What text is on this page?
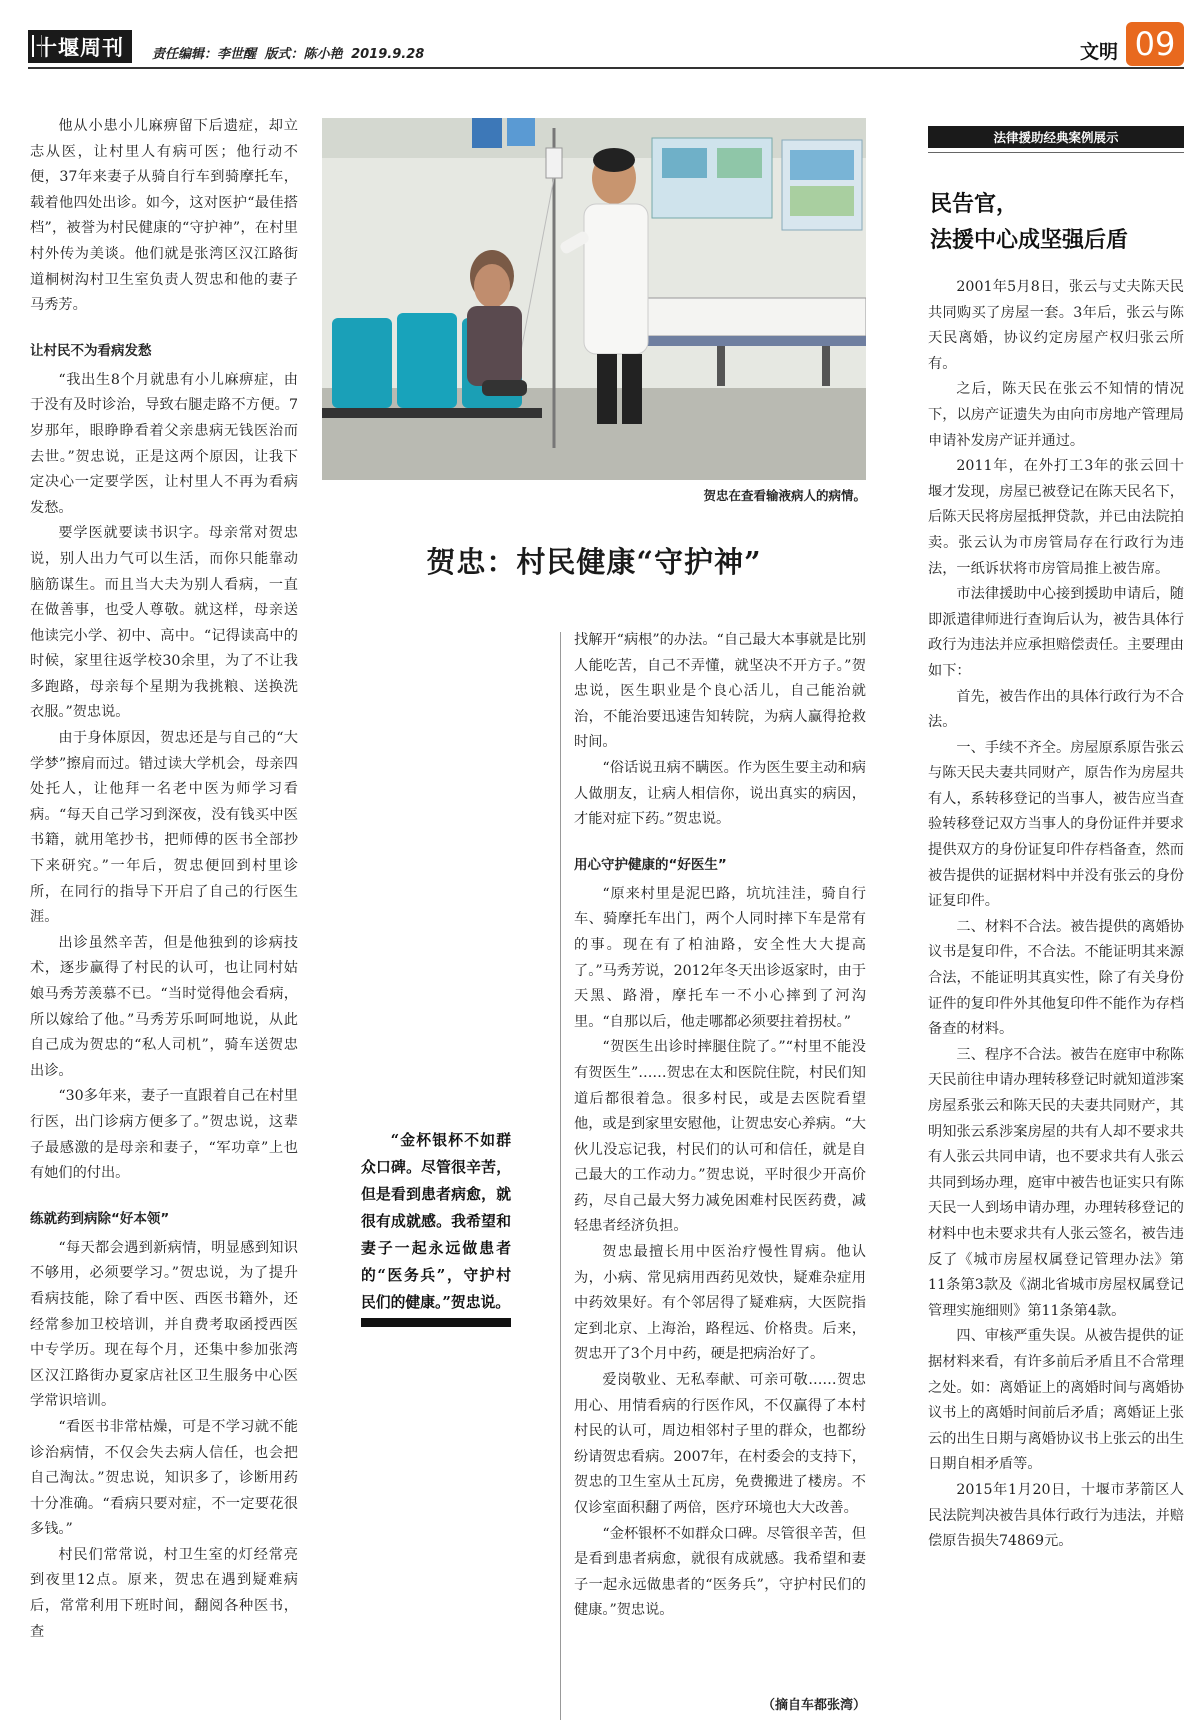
十堰周刊	责任编辑：李世醒 版式：陈小艳 2019.9.28	文明 09

他从小患小儿麻痹留下后遗症，却立志从医，让村里人有病可医；他行动不便，37年来妻子从骑自行车到骑摩托车，载着他四处出诊。如今，这对医护“最佳搭档”，被誉为村民健康的“守护神”，在村里村外传为美谈。他们就是张湾区汉江路街道桐树沟村卫生室负责人贺忠和他的妻子马秀芳。

让村民不为看病发愁

“我出生8个月就患有小儿麻痹症，由于没有及时诊治，导致右腿走路不方便。7岁那年，眼睁睁看着父亲患病无钱医治而去世。”贺忠说，正是这两个原因，让我下定决心一定要学医，让村里人不再为看病发愁。

要学医就要读书识字。母亲常对贺忠说，别人出力气可以生活，而你只能靠动脑筋谋生。而且当大夫为别人看病，一直在做善事，也受人尊敬。就这样，母亲送他读完小学、初中、高中。“记得读高中的时候，家里往返学校30余里，为了不让我多跑路，母亲每个星期为我挑粮、送换洗衣服。”贺忠说。

由于身体原因，贺忠还是与自己的“大学梦”擦肩而过。错过读大学机会，母亲四处托人，让他拜一名老中医为师学习看病。“每天自己学习到深夜，没有钱买中医书籍，就用笔抄书，把师傅的医书全部抄下来研究。”一年后，贺忠便回到村里诊所，在同行的指导下开启了自己的行医生涯。

出诊虽然辛苦，但是他独到的诊病技术，逐步赢得了村民的认可，也让同村姑娘马秀芳羡慕不已。“当时觉得他会看病，所以嫁给了他。”马秀芳乐呵呵地说，从此自己成为贺忠的“私人司机”，骑车送贺忠出诊。

“30多年来，妻子一直跟着自己在村里行医，出门诊病方便多了。”贺忠说，这辈子最感激的是母亲和妻子，“军功章”上也有她们的付出。

练就药到病除“好本领”

“每天都会遇到新病情，明显感到知识不够用，必须要学习。”贺忠说，为了提升看病技能，除了看中医、西医书籍外，还经常参加卫校培训，并自费考取函授西医中专学历。现在每个月，还集中参加张湾区汉江路街办夏家店社区卫生服务中心医学常识培训。

“看医书非常枯燥，可是不学习就不能诊治病情，不仅会失去病人信任，也会把自己淘汰。”贺忠说，知识多了，诊断用药十分准确。“看病只要对症，不一定要花很多钱。”

村民们常常说，村卫生室的灯经常亮到夜里12点。原来，贺忠在遇到疑难病后，常常利用下班时间，翻阅各种医书，查

贺忠在查看输液病人的病情。
贺忠：村民健康“守护神”
“金杯银杯不如群众口碑。尽管很辛苦，但是看到患者病愈，就很有成就感。我希望和妻子一起永远做患者的“医务兵”，守护村民们的健康。”贺忠说。

找解开“病根”的办法。“自己最大本事就是比别人能吃苦，自己不弄懂，就坚决不开方子。”贺忠说，医生职业是个良心活儿，自己能治就治，不能治要迅速告知转院，为病人赢得抢救时间。

“俗话说丑病不瞒医。作为医生要主动和病人做朋友，让病人相信你，说出真实的病因，才能对症下药。”贺忠说。

用心守护健康的“好医生”

“原来村里是泥巴路，坑坑洼洼，骑自行车、骑摩托车出门，两个人同时摔下车是常有的事。现在有了柏油路，安全性大大提高了。”马秀芳说，2012年冬天出诊返家时，由于天黑、路滑，摩托车一不小心摔到了河沟里。“自那以后，他走哪都必须要拄着拐杖。”

“贺医生出诊时摔腿住院了。”“村里不能没有贺医生”……贺忠在太和医院住院，村民们知道后都很着急。很多村民，或是去医院看望他，或是到家里安慰他，让贺忠安心养病。“大伙儿没忘记我，村民们的认可和信任，就是自己最大的工作动力。”贺忠说，平时很少开高价药，尽自己最大努力减免困难村民医药费，减轻患者经济负担。

贺忠最擅长用中医治疗慢性胃病。他认为，小病、常见病用西药见效快，疑难杂症用中药效果好。有个邻居得了疑难病，大医院指定到北京、上海治，路程远、价格贵。后来，贺忠开了3个月中药，硬是把病治好了。

爱岗敬业、无私奉献、可亲可敬……贺忠用心、用情看病的行医作风，不仅赢得了本村村民的认可，周边相邻村子里的群众，也都纷纷请贺忠看病。2007年，在村委会的支持下，贺忠的卫生室从土瓦房，免费搬进了楼房。不仅诊室面积翻了两倍，医疗环境也大大改善。

“金杯银杯不如群众口碑。尽管很辛苦，但是看到患者病愈，就很有成就感。我希望和妻子一起永远做患者的“医务兵”，守护村民们的健康。”贺忠说。

（摘自车都张湾）
法律援助经典案例展示
民告官，
法援中心成坚强后盾

2001年5月8日，张云与丈夫陈天民共同购买了房屋一套。3年后，张云与陈天民离婚，协议约定房屋产权归张云所有。

之后，陈天民在张云不知情的情况下，以房产证遗失为由向市房地产管理局申请补发房产证并通过。

2011年，在外打工3年的张云回十堰才发现，房屋已被登记在陈天民名下，后陈天民将房屋抵押贷款，并已由法院拍卖。张云认为市房管局存在行政行为违法，一纸诉状将市房管局推上被告席。

市法律援助中心接到援助申请后，随即派遣律师进行查询后认为，被告具体行政行为违法并应承担赔偿责任。主要理由如下：

首先，被告作出的具体行政行为不合法。

一、手续不齐全。房屋原系原告张云与陈天民夫妻共同财产，原告作为房屋共有人，系转移登记的当事人，被告应当查验转移登记双方当事人的身份证件并要求提供双方的身份证复印件存档备查，然而被告提供的证据材料中并没有张云的身份证复印件。

二、材料不合法。被告提供的离婚协议书是复印件，不合法。不能证明其来源合法，不能证明其真实性，除了有关身份证件的复印件外其他复印件不能作为存档备查的材料。

三、程序不合法。被告在庭审中称陈天民前往申请办理转移登记时就知道涉案房屋系张云和陈天民的夫妻共同财产，其明知张云系涉案房屋的共有人却不要求共有人张云共同申请，也不要求共有人张云共同到场办理，庭审中被告也证实只有陈天民一人到场申请办理，办理转移登记的材料中也未要求共有人张云签名，被告违反了《城市房屋权属登记管理办法》第11条第3款及《湖北省城市房屋权属登记管理实施细则》第11条第4款。

四、审核严重失误。从被告提供的证据材料来看，有许多前后矛盾且不合常理之处。如：离婚证上的离婚时间与离婚协议书上的离婚时间前后矛盾；离婚证上张云的出生日期与离婚协议书上张云的出生日期自相矛盾等。

2015年1月20日，十堰市茅箭区人民法院判决被告具体行政行为违法，并赔偿原告损失74869元。
